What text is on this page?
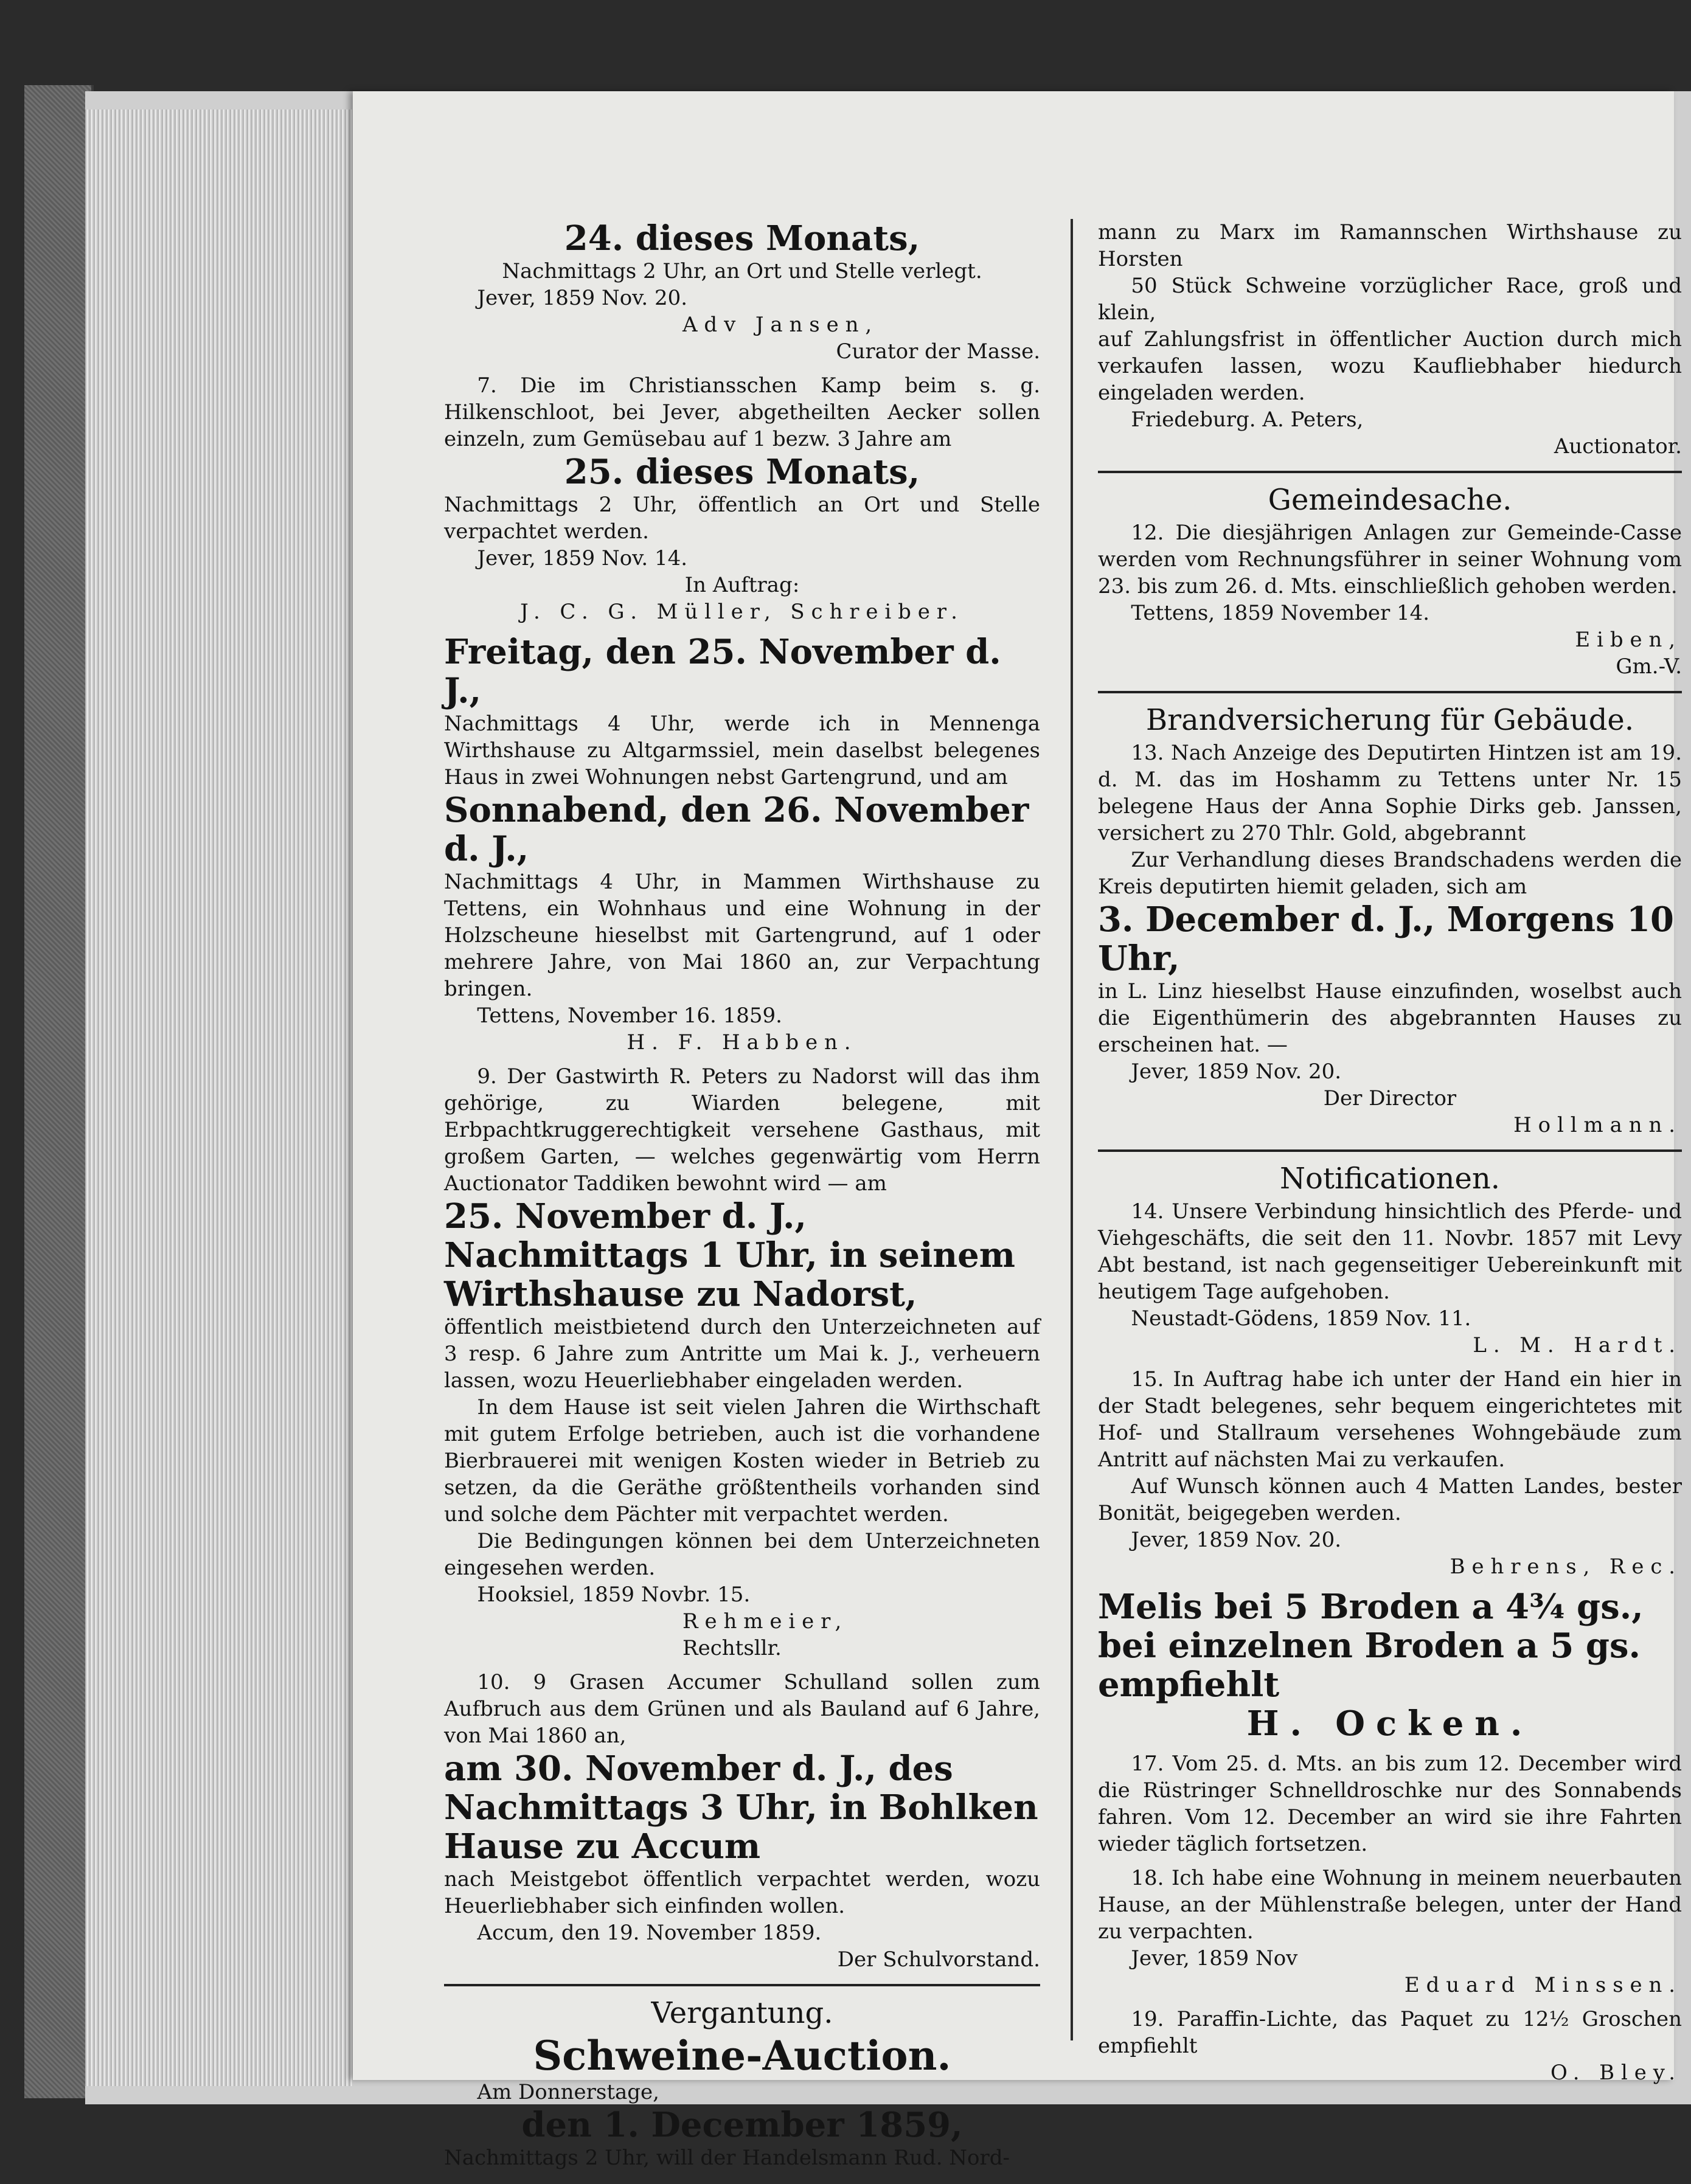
24. dieses Monats,

Nachmittags 2 Uhr, an Ort und Stelle verlegt.

Jever, 1859 Nov. 20.

Adv Jansen,

Curator der Masse.

7. Die im Christiansschen Kamp beim s. g. Hilkenschloot, bei Jever, abgetheilten Aecker sollen einzeln, zum Gemüsebau auf 1 bezw. 3 Jahre am

25. dieses Monats,

Nachmittags 2 Uhr, öffentlich an Ort und Stelle verpachtet werden.

Jever, 1859 Nov. 14.

In Auftrag:

J. C. G. Müller, Schreiber.

Freitag, den 25. November d. J.,

Nachmittags 4 Uhr, werde ich in Mennenga Wirthshause zu Altgarmssiel, mein daselbst belegenes Haus in zwei Wohnungen nebst Gartengrund, und am

Sonnabend, den 26. November d. J.,

Nachmittags 4 Uhr, in Mammen Wirthshause zu Tettens, ein Wohnhaus und eine Wohnung in der Holzscheune hieselbst mit Gartengrund, auf 1 oder mehrere Jahre, von Mai 1860 an, zur Verpachtung bringen.

Tettens, November 16. 1859.

H. F. Habben.

9. Der Gastwirth R. Peters zu Nadorst will das ihm gehörige, zu Wiarden belegene, mit Erbpachtkruggerechtigkeit versehene Gasthaus, mit großem Garten, — welches gegenwärtig vom Herrn Auctionator Taddiken bewohnt wird — am

25. November d. J., Nachmittags 1 Uhr, in seinem Wirthshause zu Nadorst,

öffentlich meistbietend durch den Unterzeichneten auf 3 resp. 6 Jahre zum Antritte um Mai k. J., verheuern lassen, wozu Heuerliebhaber eingeladen werden.

In dem Hause ist seit vielen Jahren die Wirthschaft mit gutem Erfolge betrieben, auch ist die vorhandene Bierbrauerei mit wenigen Kosten wieder in Betrieb zu setzen, da die Geräthe größtentheils vorhanden sind und solche dem Pächter mit verpachtet werden.

Die Bedingungen können bei dem Unterzeichneten eingesehen werden.

Hooksiel, 1859 Novbr. 15.

Rehmeier,

Rechtsllr.

10. 9 Grasen Accumer Schulland sollen zum Aufbruch aus dem Grünen und als Bauland auf 6 Jahre, von Mai 1860 an,

am 30. November d. J., des Nachmittags 3 Uhr, in Bohlken Hause zu Accum

nach Meistgebot öffentlich verpachtet werden, wozu Heuerliebhaber sich einfinden wollen.

Accum, den 19. November 1859.

Der Schulvorstand.

Vergantung.

Schweine-Auction.

Am Donnerstage,

den 1. December 1859,

Nachmittags 2 Uhr, will der Handelsmann Rud. Nord-

mann zu Marx im Ramannschen Wirthshause zu Horsten

50 Stück Schweine vorzüglicher Race, groß und klein,

auf Zahlungsfrist in öffentlicher Auction durch mich verkaufen lassen, wozu Kaufliebhaber hiedurch eingeladen werden.

Friedeburg. A. Peters,

Auctionator.

Gemeindesache.

12. Die diesjährigen Anlagen zur Gemeinde-Casse werden vom Rechnungsführer in seiner Wohnung vom 23. bis zum 26. d. Mts. einschließlich gehoben werden.

Tettens, 1859 November 14.

Eiben,

Gm.-V.

Brandversicherung für Gebäude.

13. Nach Anzeige des Deputirten Hintzen ist am 19. d. M. das im Hoshamm zu Tettens unter Nr. 15 belegene Haus der Anna Sophie Dirks geb. Janssen, versichert zu 270 Thlr. Gold, abgebrannt

Zur Verhandlung dieses Brandschadens werden die Kreis deputirten hiemit geladen, sich am

3. December d. J., Morgens 10 Uhr,

in L. Linz hieselbst Hause einzufinden, woselbst auch die Eigenthümerin des abgebrannten Hauses zu erscheinen hat. —

Jever, 1859 Nov. 20.

Der Director

Hollmann.

Notificationen.

14. Unsere Verbindung hinsichtlich des Pferde- und Viehgeschäfts, die seit den 11. Novbr. 1857 mit Levy Abt bestand, ist nach gegenseitiger Uebereinkunft mit heutigem Tage aufgehoben.

Neustadt-Gödens, 1859 Nov. 11.

L. M. Hardt.

15. In Auftrag habe ich unter der Hand ein hier in der Stadt belegenes, sehr bequem eingerichtetes mit Hof- und Stallraum versehenes Wohngebäude zum Antritt auf nächsten Mai zu verkaufen.

Auf Wunsch können auch 4 Matten Landes, bester Bonität, beigegeben werden.

Jever, 1859 Nov. 20.

Behrens, Rec.

Melis bei 5 Broden a 4¾ gs., bei einzelnen Broden a 5 gs. empfiehlt

H. Ocken.

17. Vom 25. d. Mts. an bis zum 12. December wird die Rüstringer Schnelldroschke nur des Sonnabends fahren. Vom 12. December an wird sie ihre Fahrten wieder täglich fortsetzen.

18. Ich habe eine Wohnung in meinem neuerbauten Hause, an der Mühlenstraße belegen, unter der Hand zu verpachten.

Jever, 1859 Nov

Eduard Minssen.

19. Paraffin-Lichte, das Paquet zu 12½ Groschen empfiehlt

O. Bley.
